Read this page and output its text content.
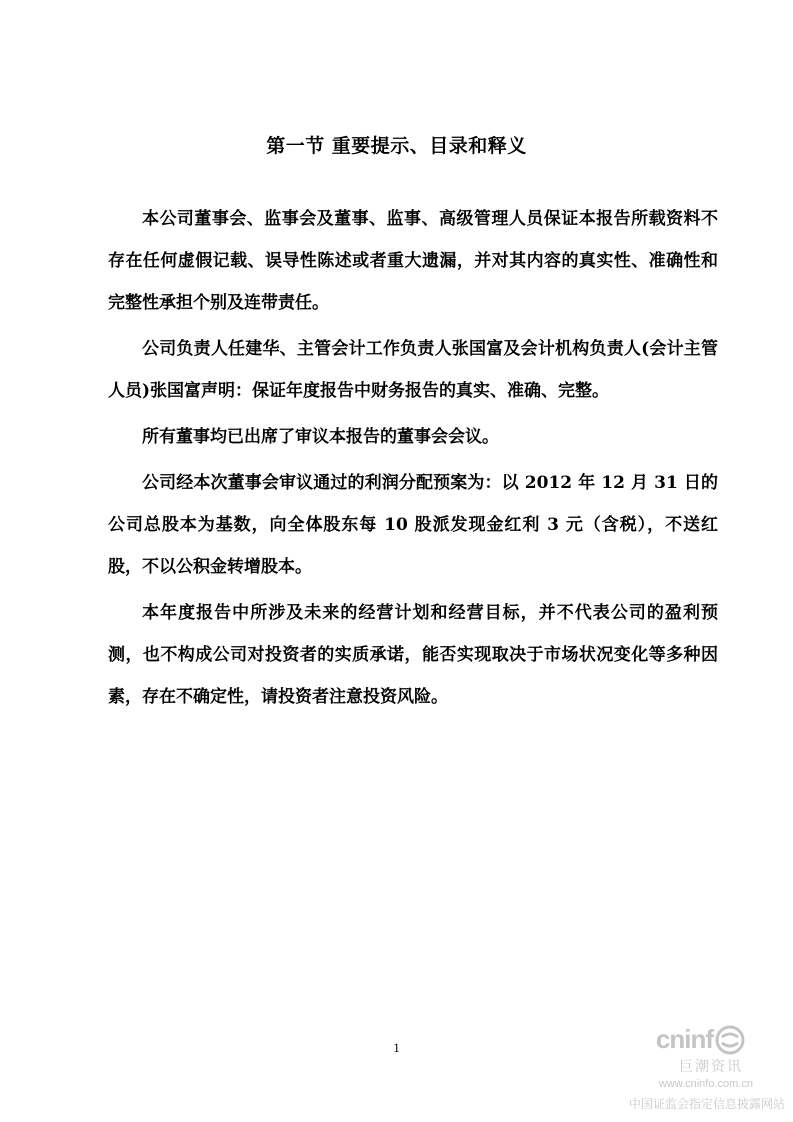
第一节 重要提示、目录和释义

本公司董事会、监事会及董事、监事、高级管理人员保证本报告所载资料不存在任何虚假记载、误导性陈述或者重大遗漏，并对其内容的真实性、准确性和完整性承担个别及连带责任。

公司负责人任建华、主管会计工作负责人张国富及会计机构负责人(会计主管人员)张国富声明：保证年度报告中财务报告的真实、准确、完整。

所有董事均已出席了审议本报告的董事会会议。

公司经本次董事会审议通过的利润分配预案为：以 2012 年 12 月 31 日的公司总股本为基数，向全体股东每 10 股派发现金红利 3 元（含税），不送红股，不以公积金转增股本。

本年度报告中所涉及未来的经营计划和经营目标，并不代表公司的盈利预测，也不构成公司对投资者的实质承诺，能否实现取决于市场状况变化等多种因素，存在不确定性，请投资者注意投资风险。

1	cninf
巨潮资讯
www.cninfo.com.cn
中国证监会指定信息披露网站
